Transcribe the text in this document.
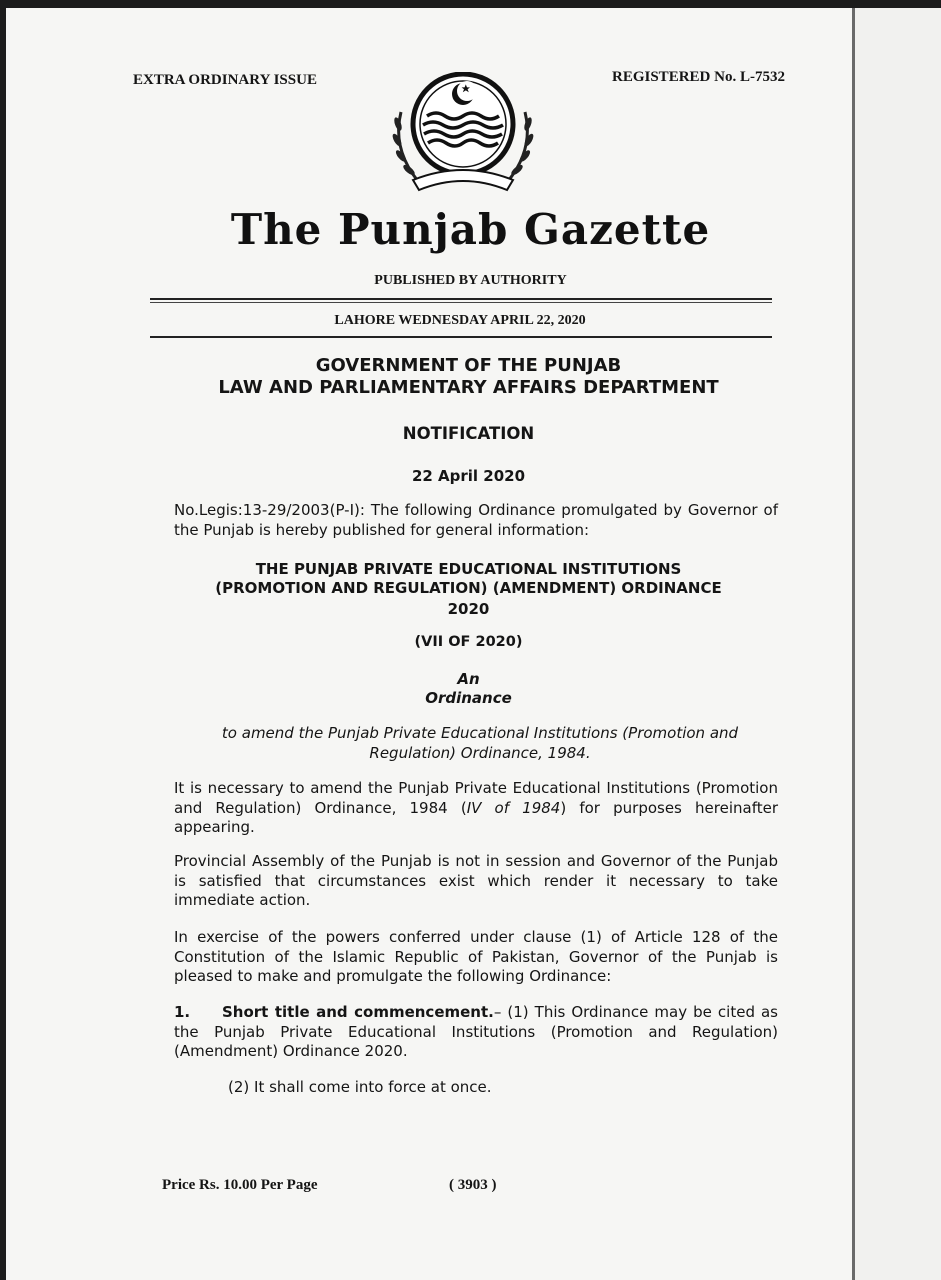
EXTRA ORDINARY ISSUE	REGISTERED No. L-7532
~~~
The Punjab Gazette
PUBLISHED BY AUTHORITY
LAHORE WEDNESDAY APRIL 22, 2020
GOVERNMENT OF THE PUNJAB
LAW AND PARLIAMENTARY AFFAIRS DEPARTMENT
NOTIFICATION
22 April 2020
No.Legis:13-29/2003(P-I): The following Ordinance promulgated by Governor of the Punjab is hereby published for general information:
THE PUNJAB PRIVATE EDUCATIONAL INSTITUTIONS
(PROMOTION AND REGULATION) (AMENDMENT) ORDINANCE
2020
(VII OF 2020)
An
Ordinance
to amend the Punjab Private Educational Institutions (Promotion and Regulation) Ordinance, 1984.
It is necessary to amend the Punjab Private Educational Institutions (Promotion and Regulation) Ordinance, 1984 (IV of 1984) for purposes hereinafter appearing.
Provincial Assembly of the Punjab is not in session and Governor of the Punjab is satisfied that circumstances exist which render it necessary to take immediate action.
In exercise of the powers conferred under clause (1) of Article 128 of the Constitution of the Islamic Republic of Pakistan, Governor of the Punjab is pleased to make and promulgate the following Ordinance:
1. Short title and commencement.– (1) This Ordinance may be cited as the Punjab Private Educational Institutions (Promotion and Regulation) (Amendment) Ordinance 2020.
(2) It shall come into force at once.
Price Rs. 10.00 Per Page	( 3903 )
